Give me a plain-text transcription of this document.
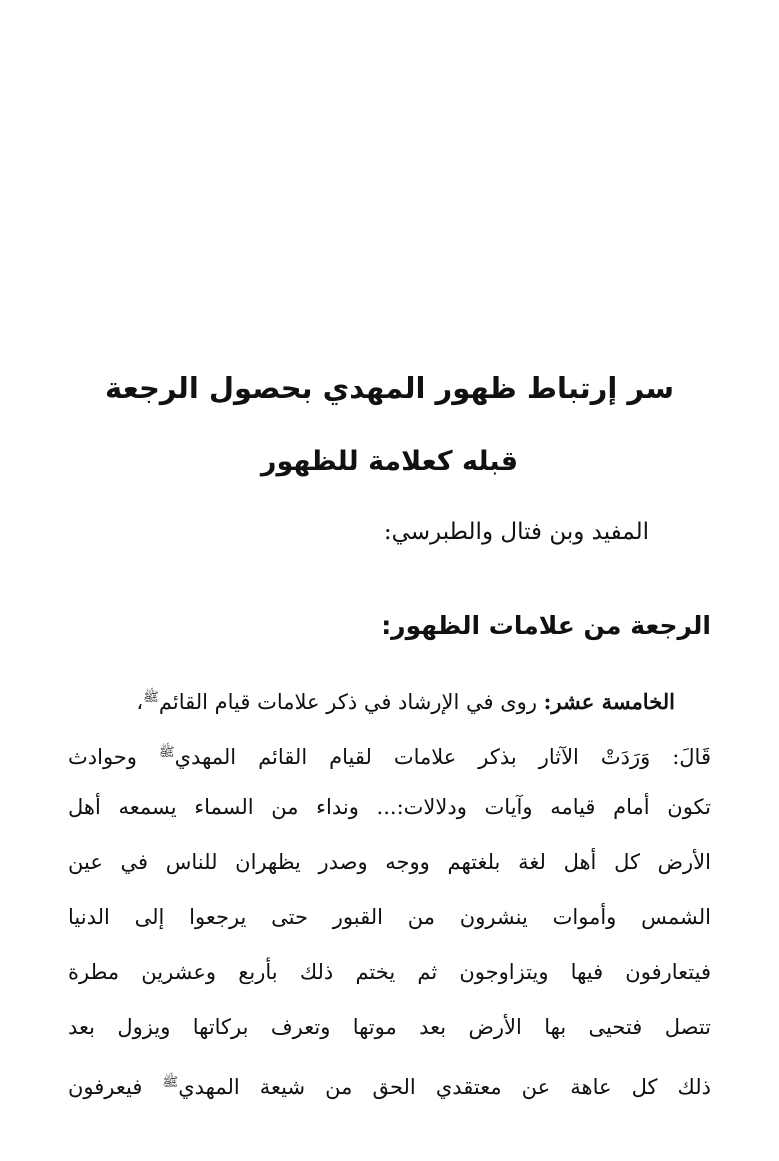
سر إرتباط ظهور المهدي بحصول الرجعة
قبله كعلامة للظهور

المفيد وبن فتال والطبرسي:

الرجعة من علامات الظهور:
الخامسة عشر: روى في الإرشاد في ذكر علامات قيام القائم$^ﷺ$،
قَالَ: وَرَدَتْ الآثار بذكر علامات لقيام القائم المهدي$^ﷺ$ وحوادث
تكون أمام قيامه وآيات ودلالات:... ونداء من السماء يسمعه أهل
الأرض كل أهل لغة بلغتهم ووجه وصدر يظهران للناس في عين
الشمس وأموات ينشرون من القبور حتى يرجعوا إلى الدنيا
فيتعارفون فيها ويتزاوجون ثم يختم ذلك بأربع وعشرين مطرة
تتصل فتحيى بها الأرض بعد موتها وتعرف بركاتها ويزول بعد
ذلك كل عاهة عن معتقدي الحق من شيعة المهدي$^ﷺ$ فيعرفون
